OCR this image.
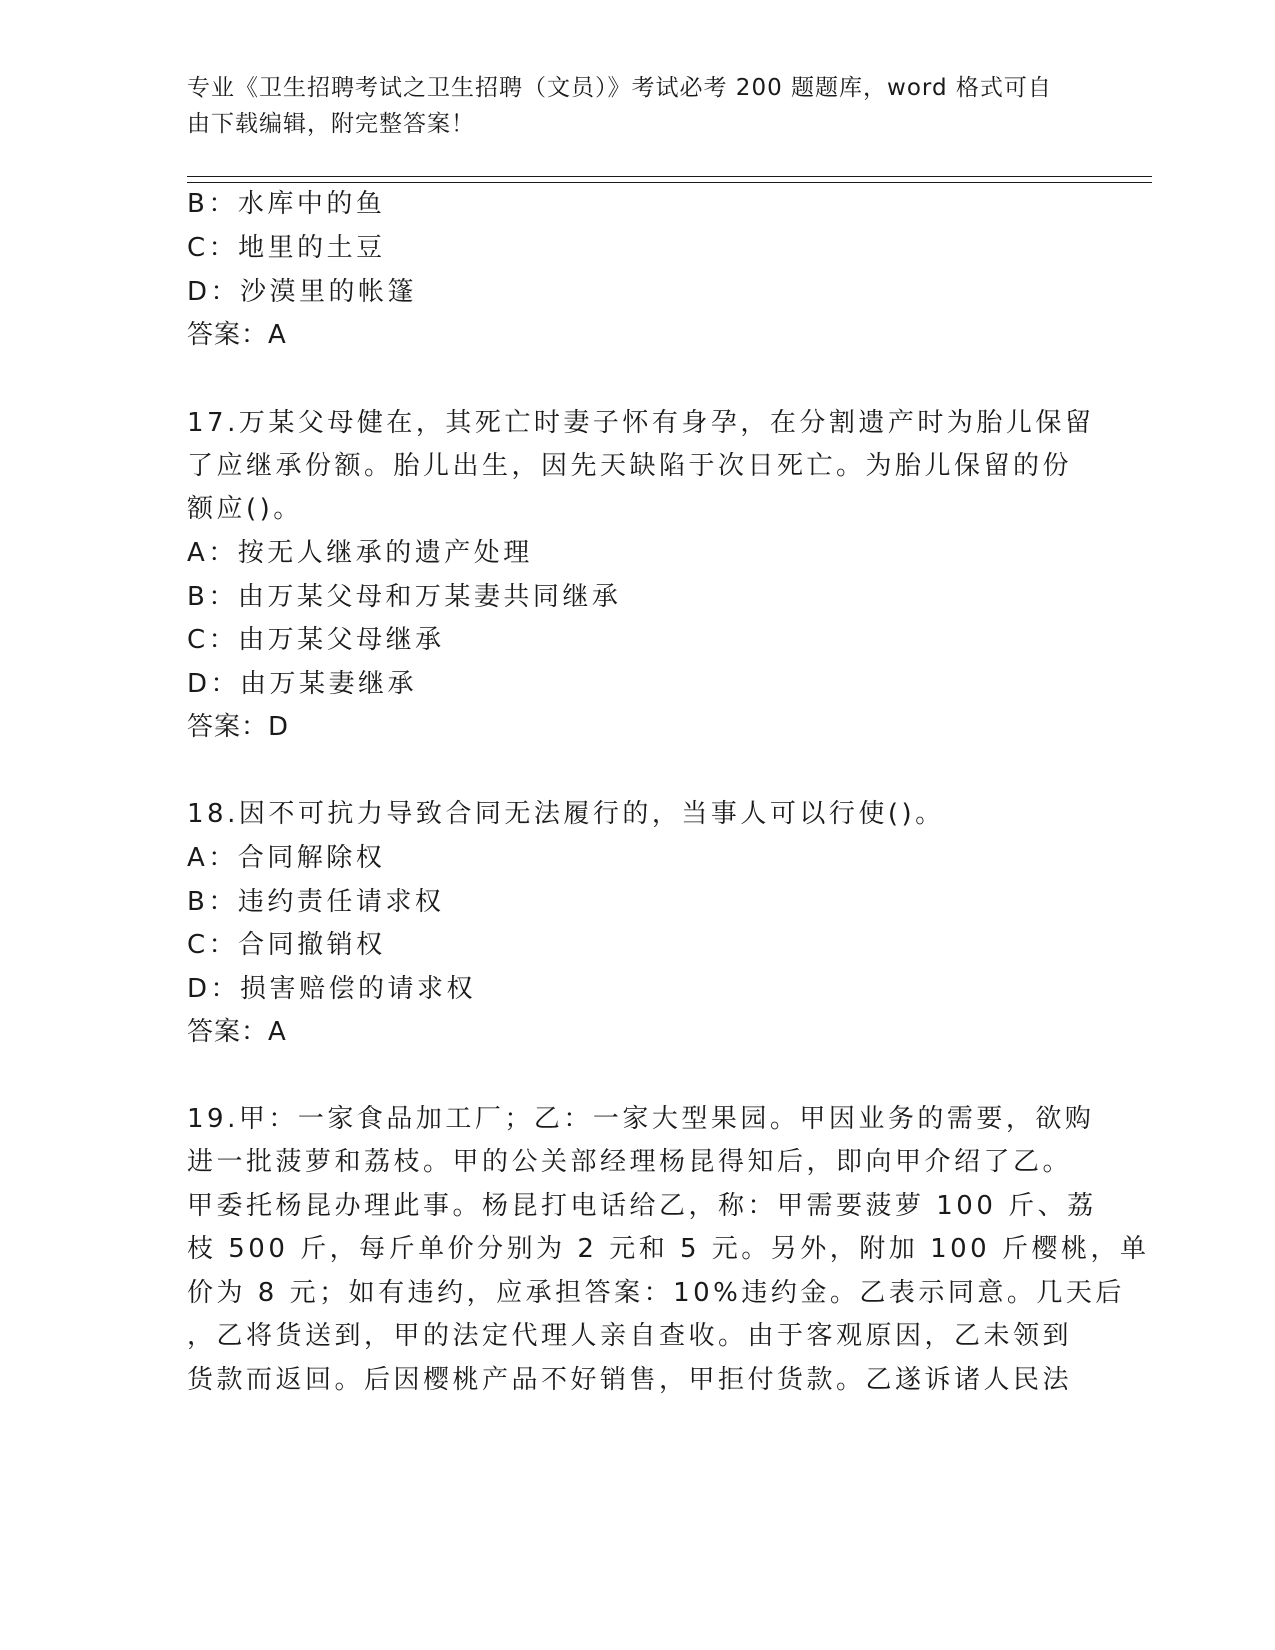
专业《卫生招聘考试之卫生招聘（文员）》考试必考 200 题题库，word 格式可自
由下载编辑，附完整答案！
B：水库中的鱼
C：地里的土豆
D：沙漠里的帐篷
答案：A
17.万某父母健在，其死亡时妻子怀有身孕，在分割遗产时为胎儿保留
了应继承份额。胎儿出生，因先天缺陷于次日死亡。为胎儿保留的份
额应()。
A：按无人继承的遗产处理
B：由万某父母和万某妻共同继承
C：由万某父母继承
D：由万某妻继承
答案：D
18.因不可抗力导致合同无法履行的，当事人可以行使()。
A：合同解除权
B：违约责任请求权
C：合同撤销权
D：损害赔偿的请求权
答案：A
19.甲：一家食品加工厂；乙：一家大型果园。甲因业务的需要，欲购
进一批菠萝和荔枝。甲的公关部经理杨昆得知后，即向甲介绍了乙。
甲委托杨昆办理此事。杨昆打电话给乙，称：甲需要菠萝 100 斤、荔
枝 500 斤，每斤单价分别为 2 元和 5 元。另外，附加 100 斤樱桃，单
价为 8 元；如有违约，应承担答案：10%违约金。乙表示同意。几天后
，乙将货送到，甲的法定代理人亲自查收。由于客观原因，乙未领到
货款而返回。后因樱桃产品不好销售，甲拒付货款。乙遂诉诸人民法
